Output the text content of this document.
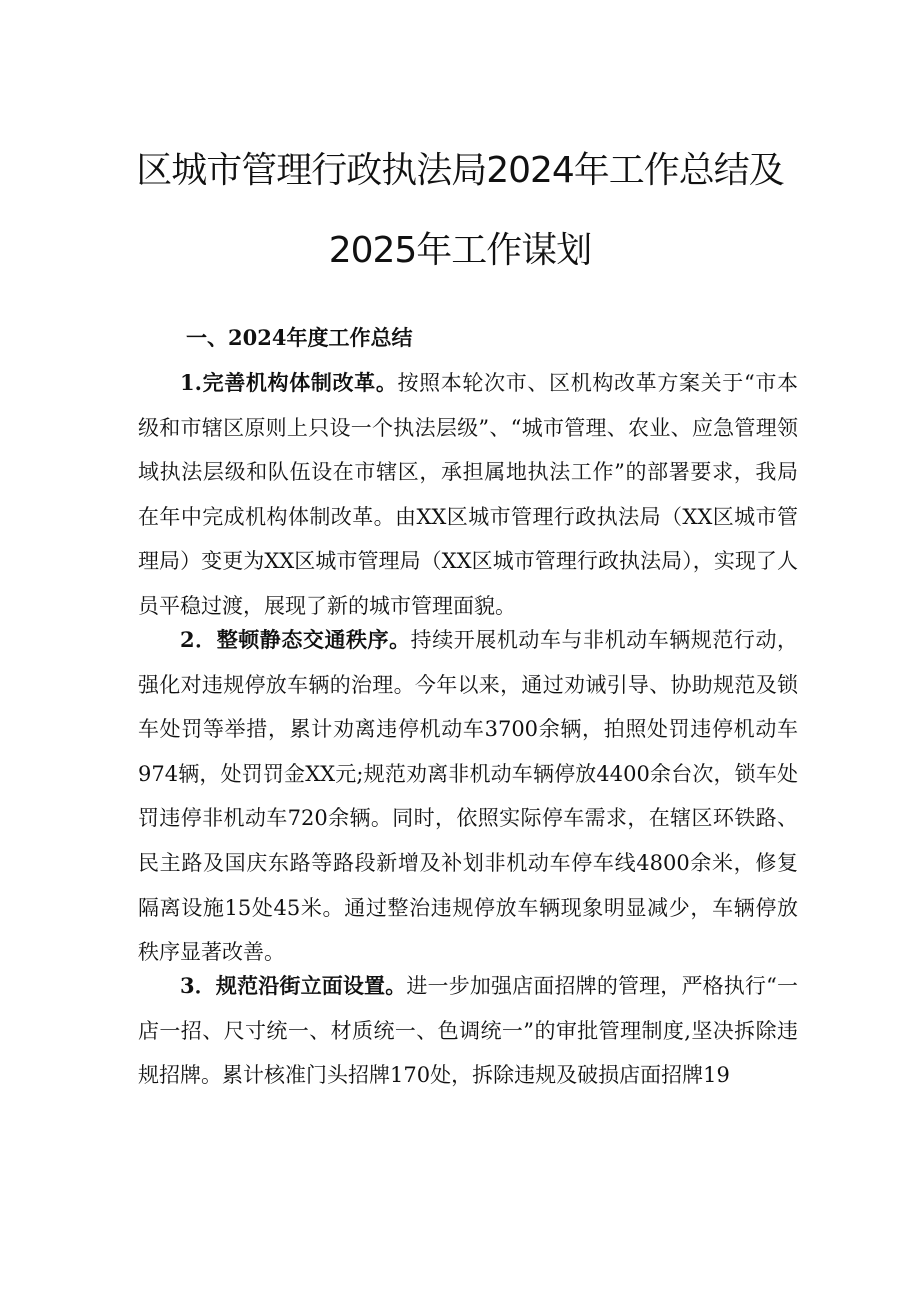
区城市管理行政执法局2024年工作总结及
2025年工作谋划
一、2024年度工作总结

1.完善机构体制改革。按照本轮次市、区机构改革方案关于“市本级和市辖区原则上只设一个执法层级”、“城市管理、农业、应急管理领域执法层级和队伍设在市辖区，承担属地执法工作”的部署要求，我局在年中完成机构体制改革。由XX区城市管理行政执法局（XX区城市管理局）变更为XX区城市管理局（XX区城市管理行政执法局），实现了人员平稳过渡，展现了新的城市管理面貌。

2．整顿静态交通秩序。持续开展机动车与非机动车辆规范行动，强化对违规停放车辆的治理。今年以来，通过劝诫引导、协助规范及锁车处罚等举措，累计劝离违停机动车3700余辆，拍照处罚违停机动车974辆，处罚罚金XX元;规范劝离非机动车辆停放4400余台次，锁车处罚违停非机动车720余辆。同时，依照实际停车需求，在辖区环铁路、民主路及国庆东路等路段新增及补划非机动车停车线4800余米，修复隔离设施15处45米。通过整治违规停放车辆现象明显减少，车辆停放秩序显著改善。

3．规范沿街立面设置。进一步加强店面招牌的管理，严格执行“一店一招、尺寸统一、材质统一、色调统一”的审批管理制度,坚决拆除违规招牌。累计核准门头招牌170处，拆除违规及破损店面招牌19
